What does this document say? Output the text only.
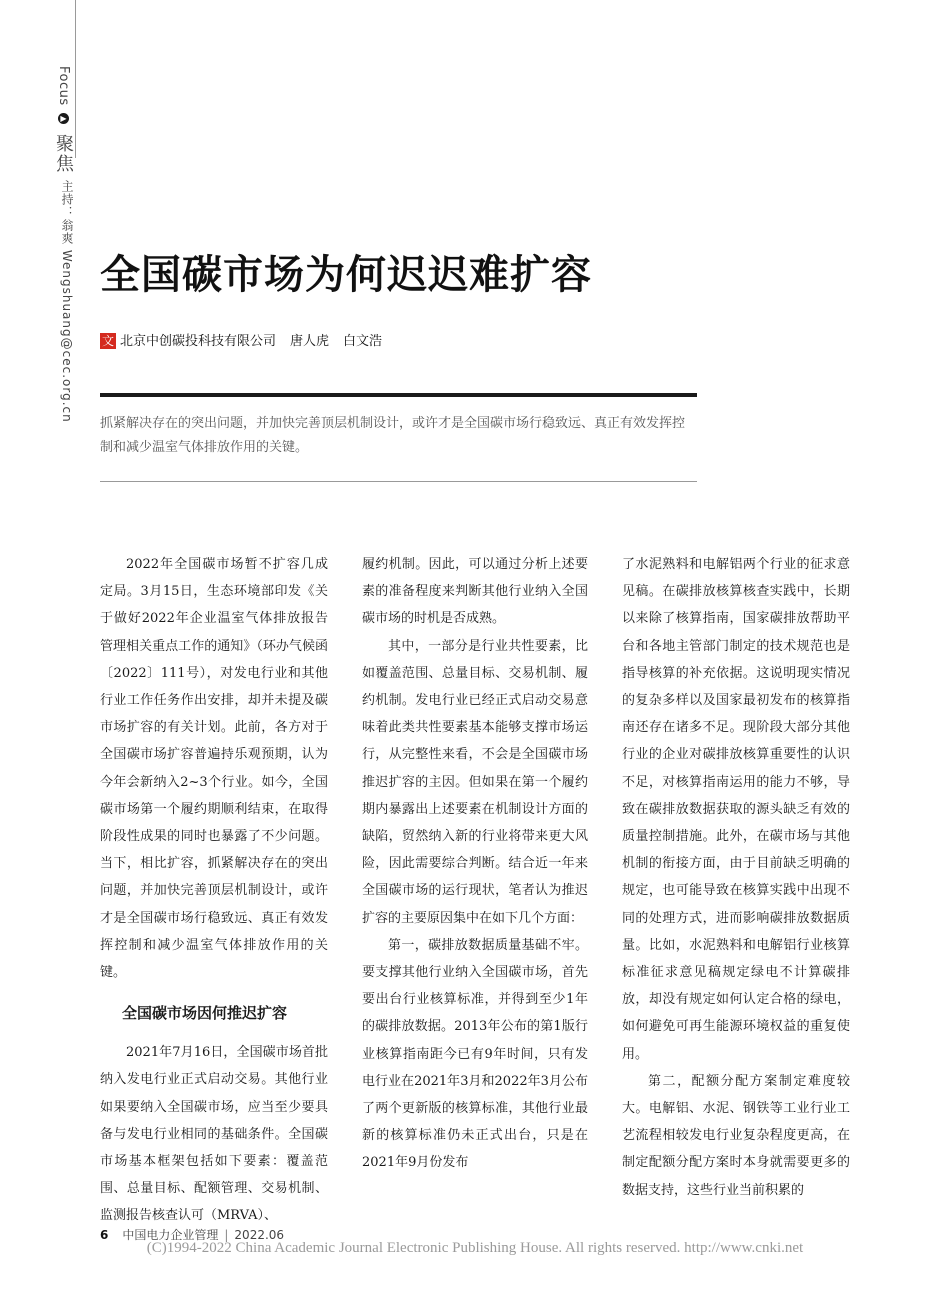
Focus ▶ 聚焦
主持：翁爽 Wengshuang@cec.org.cn 全国碳市场为何迟迟难扩容
文 北京中创碳投科技有限公司 唐人虎 白文浩
抓紧解决存在的突出问题，并加快完善顶层机制设计，或许才是全国碳市场行稳致远、真正有效发挥控制和减少温室气体排放作用的关键。

2022年全国碳市场暂不扩容几成定局。3月15日，生态环境部印发《关于做好2022年企业温室气体排放报告管理相关重点工作的通知》（环办气候函〔2022〕111号），对发电行业和其他行业工作任务作出安排，却并未提及碳市场扩容的有关计划。此前，各方对于全国碳市场扩容普遍持乐观预期，认为今年会新纳入2~3个行业。如今，全国碳市场第一个履约期顺利结束，在取得阶段性成果的同时也暴露了不少问题。当下，相比扩容，抓紧解决存在的突出问题，并加快完善顶层机制设计，或许才是全国碳市场行稳致远、真正有效发挥控制和减少温室气体排放作用的关键。

全国碳市场因何推迟扩容

2021年7月16日，全国碳市场首批纳入发电行业正式启动交易。其他行业如果要纳入全国碳市场，应当至少要具备与发电行业相同的基础条件。全国碳市场基本框架包括如下要素：覆盖范围、总量目标、配额管理、交易机制、监测报告核查认可（MRVA）、

履约机制。因此，可以通过分析上述要素的准备程度来判断其他行业纳入全国碳市场的时机是否成熟。

其中，一部分是行业共性要素，比如覆盖范围、总量目标、交易机制、履约机制。发电行业已经正式启动交易意味着此类共性要素基本能够支撑市场运行，从完整性来看，不会是全国碳市场推迟扩容的主因。但如果在第一个履约期内暴露出上述要素在机制设计方面的缺陷，贸然纳入新的行业将带来更大风险，因此需要综合判断。结合近一年来全国碳市场的运行现状，笔者认为推迟扩容的主要原因集中在如下几个方面：

第一，碳排放数据质量基础不牢。要支撑其他行业纳入全国碳市场，首先要出台行业核算标准，并得到至少1年的碳排放数据。2013年公布的第1版行业核算指南距今已有9年时间，只有发电行业在2021年3月和2022年3月公布了两个更新版的核算标准，其他行业最新的核算标准仍未正式出台，只是在2021年9月份发布

了水泥熟料和电解铝两个行业的征求意见稿。在碳排放核算核查实践中，长期以来除了核算指南，国家碳排放帮助平台和各地主管部门制定的技术规范也是指导核算的补充依据。这说明现实情况的复杂多样以及国家最初发布的核算指南还存在诸多不足。现阶段大部分其他行业的企业对碳排放核算重要性的认识不足，对核算指南运用的能力不够，导致在碳排放数据获取的源头缺乏有效的质量控制措施。此外，在碳市场与其他机制的衔接方面，由于目前缺乏明确的规定，也可能导致在核算实践中出现不同的处理方式，进而影响碳排放数据质量。比如，水泥熟料和电解铝行业核算标准征求意见稿规定绿电不计算碳排放，却没有规定如何认定合格的绿电，如何避免可再生能源环境权益的重复使用。

第二，配额分配方案制定难度较大。电解铝、水泥、钢铁等工业行业工艺流程相较发电行业复杂程度更高，在制定配额分配方案时本身就需要更多的数据支持，这些行业当前积累的

6 中国电力企业管理 | 2022.06
(C)1994-2022 China Academic Journal Electronic Publishing House. All rights reserved. http://www.cnki.net
